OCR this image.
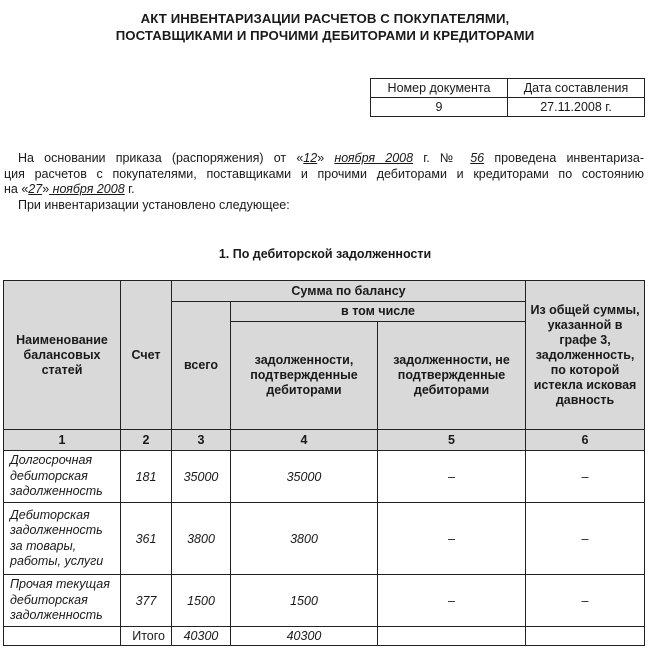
АКТ ИНВЕНТАРИЗАЦИИ РАСЧЕТОВ С ПОКУПАТЕЛЯМИ,
ПОСТАВЩИКАМИ И ПРОЧИМИ ДЕБИТОРАМИ И КРЕДИТОРАМИ
Номер документа	Дата составления
9	27.11.2008 г.
На основании приказа (распоряжения) от «12» ноября 2008 г. № 56 проведена инвентаризa-
ция расчетов с покупателями, поставщиками и прочими дебиторами и кредиторами по состоянию
на «27» ноября 2008 г.
При инвентаризации установлено следующее:
1. По дебиторской задолженности
Наименование балансовых статей	Счет	Сумма по балансу			Из общей суммы, указанной в графе 3, задолженность, по которой истекла исковая давность
		всего	в том числе		
			задолженности, подтвержденные дебиторами	задолженности, не подтвержденные дебиторами	
1	2	3	4	5	6

Долгосрочная
дебиторская
задолженность	181	35000	35000	–	–

Дебиторская
задолженность
за товары,
работы, услуги	361	3800	3800	–	–

Прочая текущая
дебиторская
задолженность	377	1500	1500	–	–
	Итого	40300	40300		
